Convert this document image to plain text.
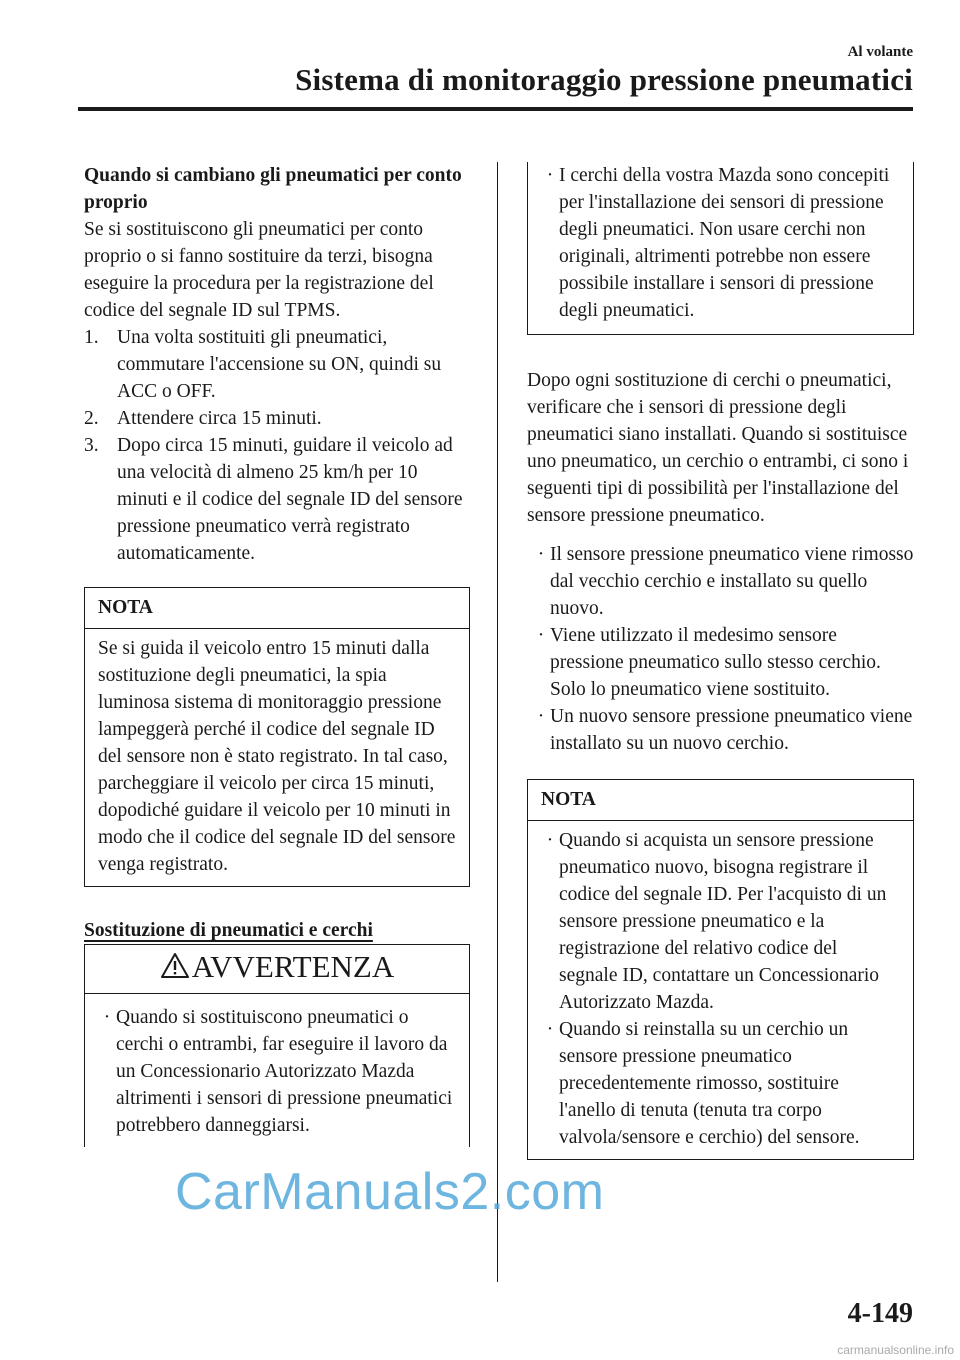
Al volante
Sistema di monitoraggio pressione pneumatici

Quando si cambiano gli pneumatici per conto proprio

Se si sostituiscono gli pneumatici per conto proprio o si fanno sostituire da terzi, bisogna eseguire la procedura per la registrazione del codice del segnale ID sul TPMS.

1. Una volta sostituiti gli pneumatici, commutare l'accensione su ON, quindi su ACC o OFF.
2. Attendere circa 15 minuti.
3. Dopo circa 15 minuti, guidare il veicolo ad una velocità di almeno 25 km/h per 10 minuti e il codice del segnale ID del sensore pressione pneumatico verrà registrato automaticamente.
NOTA
Se si guida il veicolo entro 15 minuti dalla sostituzione degli pneumatici, la spia luminosa sistema di monitoraggio pressione lampeggerà perché il codice del segnale ID del sensore non è stato registrato. In tal caso, parcheggiare il veicolo per circa 15 minuti, dopodiché guidare il veicolo per 10 minuti in modo che il codice del segnale ID del sensore venga registrato.

Sostituzione di pneumatici e cerchi

AVVERTENZA
· Quando si sostituiscono pneumatici o cerchi o entrambi, far eseguire il lavoro da un Concessionario Autorizzato Mazda altrimenti i sensori di pressione pneumatici potrebbero danneggiarsi.
· I cerchi della vostra Mazda sono concepiti per l'installazione dei sensori di pressione degli pneumatici. Non usare cerchi non originali, altrimenti potrebbe non essere possibile installare i sensori di pressione degli pneumatici.

Dopo ogni sostituzione di cerchi o pneumatici, verificare che i sensori di pressione degli pneumatici siano installati. Quando si sostituisce uno pneumatico, un cerchio o entrambi, ci sono i seguenti tipi di possibilità per l'installazione del sensore pressione pneumatico.

· Il sensore pressione pneumatico viene rimosso dal vecchio cerchio e installato su quello nuovo.
· Viene utilizzato il medesimo sensore pressione pneumatico sullo stesso cerchio. Solo lo pneumatico viene sostituito.
· Un nuovo sensore pressione pneumatico viene installato su un nuovo cerchio.
NOTA
· Quando si acquista un sensore pressione pneumatico nuovo, bisogna registrare il codice del segnale ID. Per l'acquisto di un sensore pressione pneumatico e la registrazione del relativo codice del segnale ID, contattare un Concessionario Autorizzato Mazda.
· Quando si reinstalla su un cerchio un sensore pressione pneumatico precedentemente rimosso, sostituire l'anello di tenuta (tenuta tra corpo valvola/sensore e cerchio) del sensore.
CarManuals2.com
4-149
carmanualsonline.info
